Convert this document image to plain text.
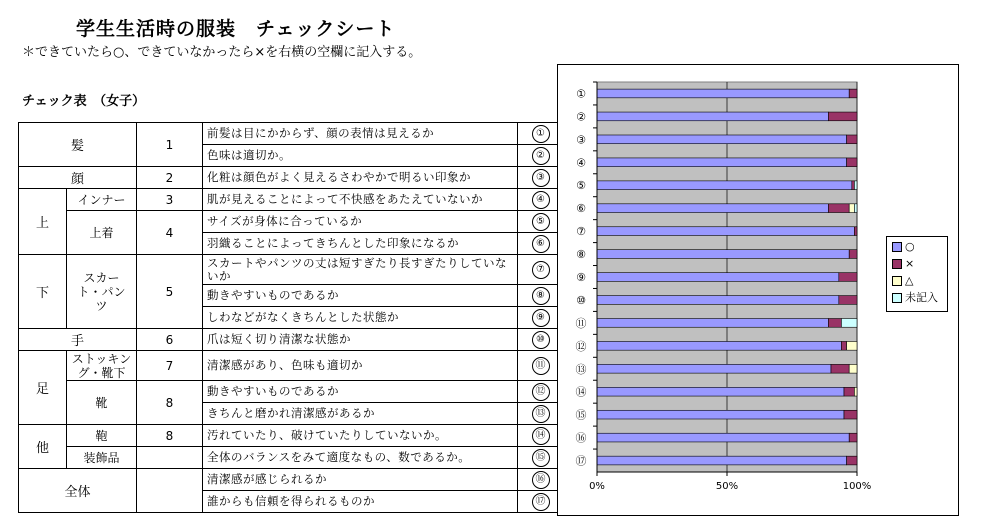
学生生活時の服装　チェックシート
＊できていたら○、できていなかったら×を右横の空欄に記入する。
チェック表　（女子）
髪		1	前髪は目にかからず、顔の表情は見えるか	①
			色味は適切か。	②
顔		2	化粧は顔色がよく見えるさわやかで明るい印象か	③
上	インナー	3	肌が見えることによって不快感をあたえていないか	④
	上着	4	サイズが身体に合っているか	⑤
			羽織ることによってきちんとした印象になるか	⑥
下	スカート・パンツ	5	スカートやパンツの丈は短すぎたり長すぎたりしていないか	⑦
			動きやすいものであるか	⑧
			しわなどがなくきちんとした状態か	⑨
手		6	爪は短く切り清潔な状態か	⑩
足	ストッキング・靴下	7	清潔感があり、色味も適切か	⑪
	靴	8	動きやすいものであるか	⑫
			きちんと磨かれ清潔感があるか	⑬
他	鞄	8	汚れていたり、破けていたりしていないか。	⑭
	装飾品		全体のバランスをみて適度なもの、数であるか。	⑮
全体			清潔感が感じられるか	⑯
			誰からも信頼を得られるものか	⑰
0%	50%	100%
①
②
③
④
⑤
⑥
⑦
⑧
⑨
⑩
⑪
⑫
⑬
⑭
⑮
⑯
⑰
○
×
△
未記入
